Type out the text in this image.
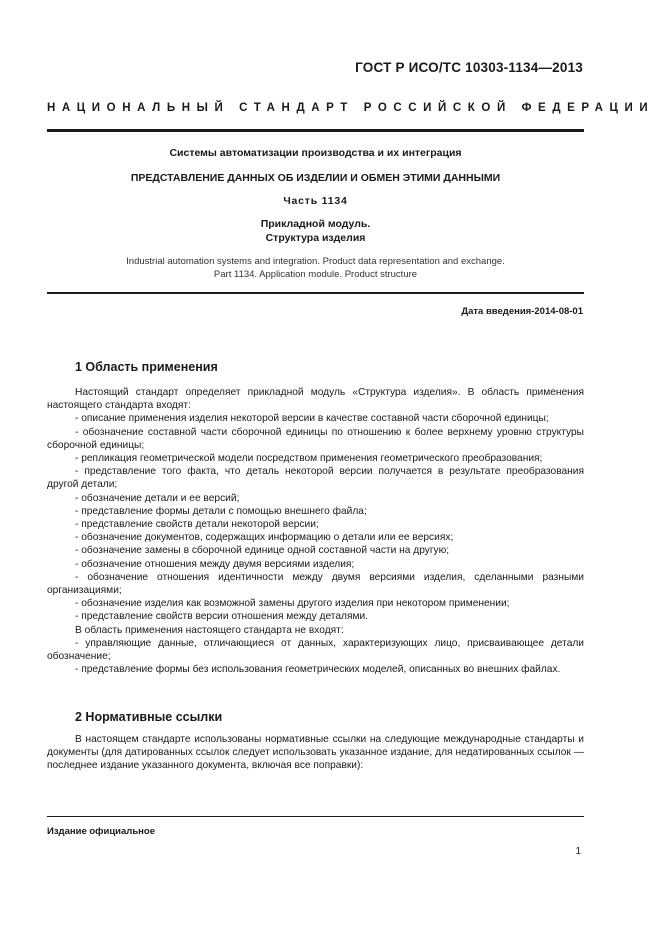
ГОСТ Р ИСО/ТС 10303-1134—2013
НАЦИОНАЛЬНЫЙ СТАНДАРТ РОССИЙСКОЙ ФЕДЕРАЦИИ
Системы автоматизации производства и их интеграция
ПРЕДСТАВЛЕНИЕ ДАННЫХ ОБ ИЗДЕЛИИ И ОБМЕН ЭТИМИ ДАННЫМИ
Часть 1134
Прикладной модуль.
Структура изделия
Industrial automation systems and integration. Product data representation and exchange.
Part 1134. Application module. Product structure
Дата введения-2014-08-01
1 Область применения

Настоящий стандарт определяет прикладной модуль «Структура изделия». В область применения настоящего стандарта входят:

- описание применения изделия некоторой версии в качестве составной части сборочной единицы;

- обозначение составной части сборочной единицы по отношению к более верхнему уровню структуры сборочной единицы;

- репликация геометрической модели посредством применения геометрического преобразования;

- представление того факта, что деталь некоторой версии получается в результате преобразования другой детали;

- обозначение детали и ее версий;

- представление формы детали с помощью внешнего файла;

- представление свойств детали некоторой версии;

- обозначение документов, содержащих информацию о детали или ее версиях;

- обозначение замены в сборочной единице одной составной части на другую;

- обозначение отношения между двумя версиями изделия;

- обозначение отношения идентичности между двумя версиями изделия, сделанными разными организациями;

- обозначение изделия как возможной замены другого изделия при некотором применении;

- представление свойств версии отношения между деталями.

В область применения настоящего стандарта не входят:

- управляющие данные, отличающиеся от данных, характеризующих лицо, присваивающее детали обозначение;

- представление формы без использования геометрических моделей, описанных во внешних файлах.

2 Нормативные ссылки

В настоящем стандарте использованы нормативные ссылки на следующие международные стандарты и документы (для датированных ссылок следует использовать указанное издание, для недатированных ссылок — последнее издание указанного документа, включая все поправки):

Издание официальное
1
